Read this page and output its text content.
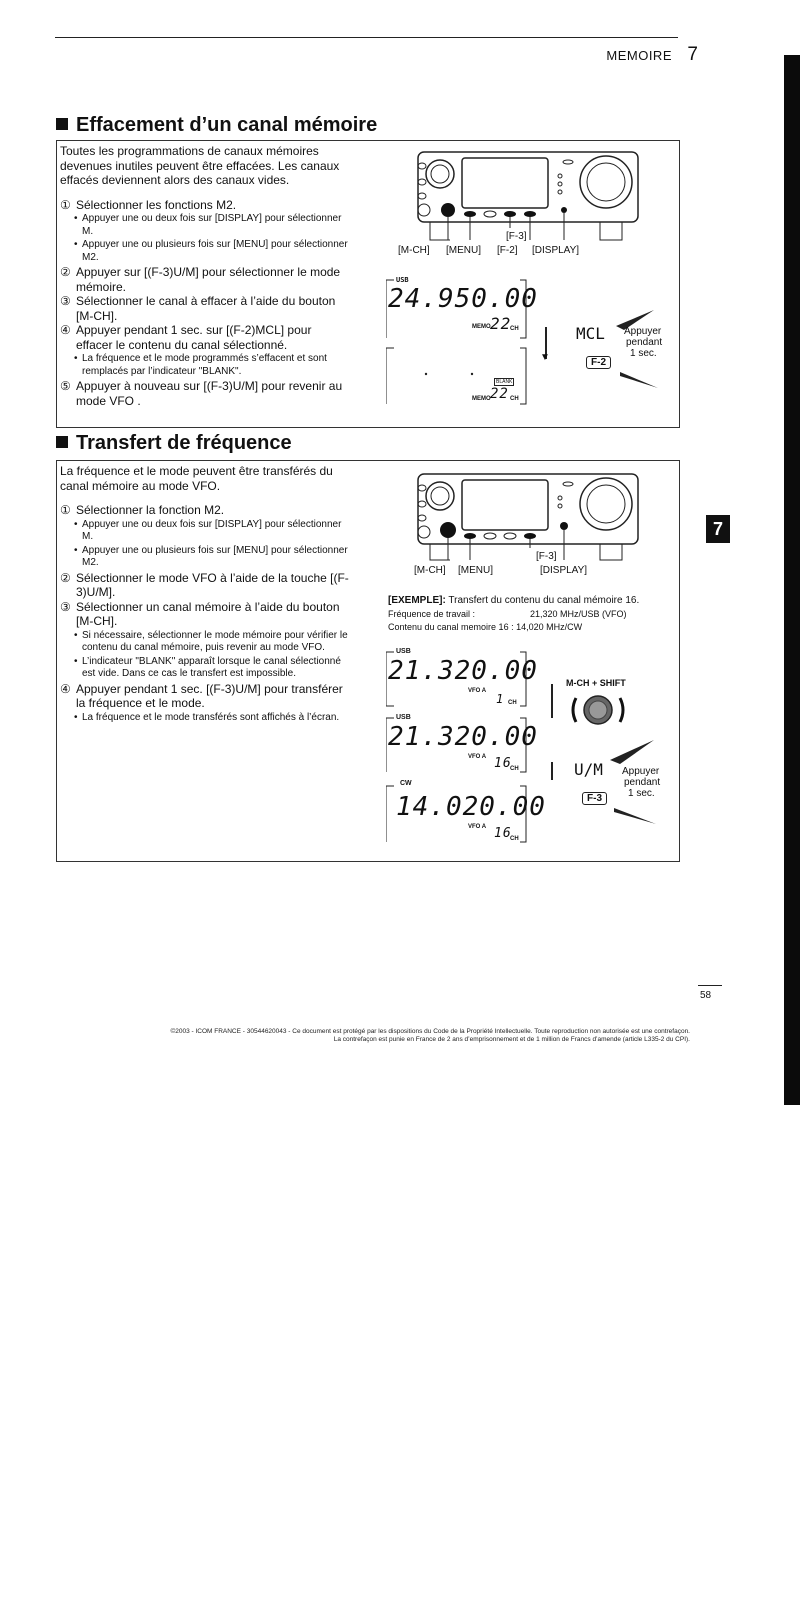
MEMOIRE 7
7
Effacement d’un canal mémoire

Toutes les programmations de canaux mémoires devenues inutiles peuvent être effacées. Les canaux effacés deviennent alors des canaux vides.

① Sélectionner les fonctions M2.
• Appuyer une ou deux fois sur [DISPLAY] pour sélectionner M.
• Appuyer une ou plusieurs fois sur [MENU] pour sélectionner M2.
② Appuyer sur [(F-3)U/M] pour sélectionner le mode mémoire.
③ Sélectionner le canal à effacer à l’aide du bouton [M-CH].
④ Appuyer pendant 1 sec. sur [(F-2)MCL] pour effacer le contenu du canal sélectionné.
• La fréquence et le mode programmés s’effacent et sont remplacés par l’indicateur "BLANK".
⑤ Appuyer à nouveau sur [(F-3)U/M] pour revenir au mode VFO .
[F-3]
[M-CH] [MENU] [F-2] [DISPLAY]
USB
24.950.00
MEMO 22
CH
▼
BLANK
MEMO 22 CH
MCL
F-2
Appuyer
pendant
1 sec.
Transfert de fréquence

La fréquence et le mode peuvent être transférés du canal mémoire au mode VFO.

① Sélectionner la fonction M2.
• Appuyer une ou deux fois sur [DISPLAY] pour sélectionner M.
• Appuyer une ou plusieurs fois sur [MENU] pour sélectionner M2.
② Sélectionner le mode VFO à l’aide de la touche [(F-3)U/M].
③ Sélectionner un canal mémoire à l’aide du bouton [M-CH].
• Si nécessaire, sélectionner le mode mémoire pour vérifier le contenu du canal mémoire, puis revenir au mode VFO.
• L’indicateur "BLANK" apparaît lorsque le canal sélectionné est vide. Dans ce cas le transfert est impossible.
④ Appuyer pendant 1 sec. [(F-3)U/M] pour transférer la fréquence et le mode.
• La fréquence et le mode transférés sont affichés à l’écran.
[F-3]
[M-CH] [MENU]	[DISPLAY]
[EXEMPLE]: Transfert du contenu du canal mémoire 16.
Fréquence de travail :	21,320 MHz/USB (VFO)
Contenu du canal memoire 16 : 14,020 MHz/CW
USB
21.320.00
VFO A
1 CH
USB
21.320.00
VFO A 16
CH
CW
14.020.00
VFO A 16
CH
M-CH + SHIFT
U/M
F-3
Appuyer
pendant
1 sec.
58
©2003 - ICOM FRANCE - 30544620043 - Ce document est protégé par les dispositions du Code de la Propriété Intellectuelle. Toute reproduction non autorisée est une contrefaçon.
La contrefaçon est punie en France de 2 ans d’emprisonnement et de 1 million de Francs d’amende (article L335-2 du CPI).
